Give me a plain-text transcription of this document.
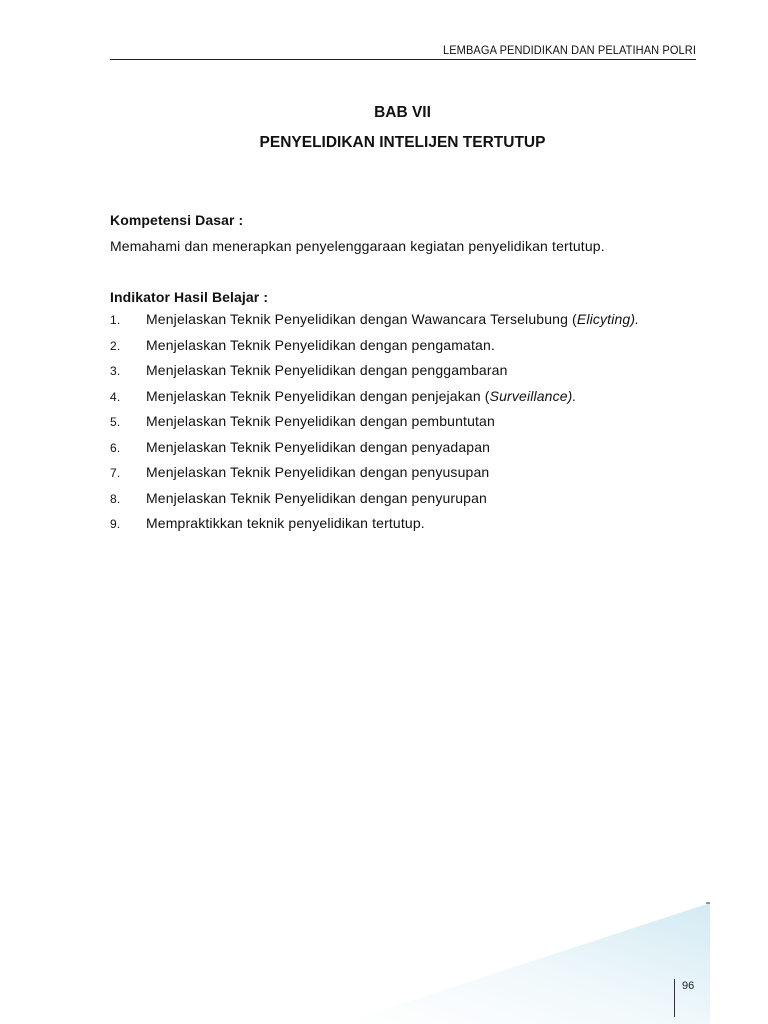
LEMBAGA PENDIDIKAN DAN PELATIHAN POLRI
BAB VII
PENYELIDIKAN INTELIJEN TERTUTUP
Kompetensi Dasar :
Memahami dan menerapkan penyelenggaraan kegiatan penyelidikan tertutup.
Indikator Hasil Belajar :
1. Menjelaskan Teknik Penyelidikan dengan Wawancara Terselubung (Elicyting).
2. Menjelaskan Teknik Penyelidikan dengan pengamatan.
3. Menjelaskan Teknik Penyelidikan dengan penggambaran
4. Menjelaskan Teknik Penyelidikan dengan penjejakan (Surveillance).
5. Menjelaskan Teknik Penyelidikan dengan pembuntutan
6. Menjelaskan Teknik Penyelidikan dengan penyadapan
7. Menjelaskan Teknik Penyelidikan dengan penyusupan
8. Menjelaskan Teknik Penyelidikan dengan penyurupan
9. Mempraktikkan teknik penyelidikan tertutup.
96
